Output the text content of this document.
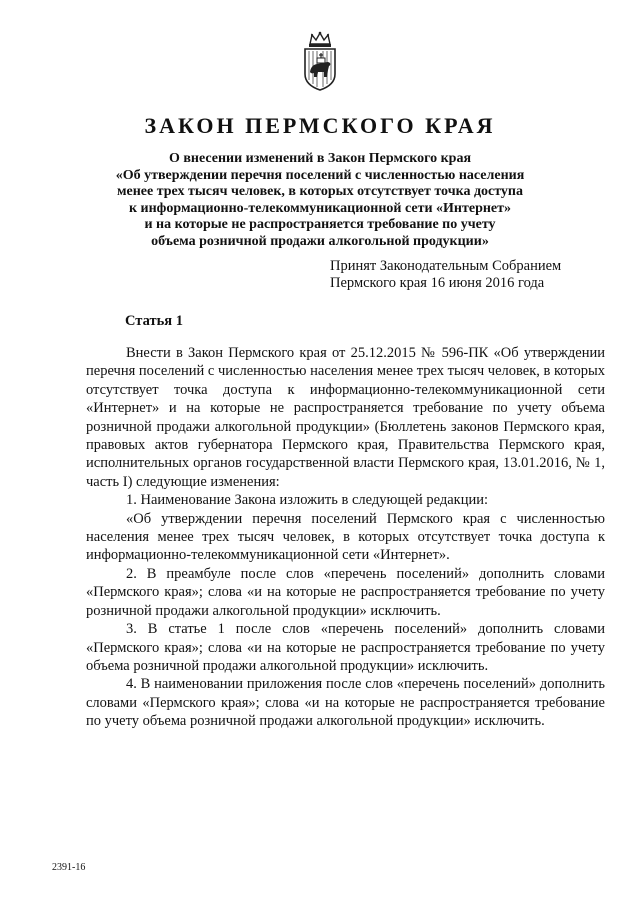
ЗАКОН ПЕРМСКОГО КРАЯ
О внесении изменений в Закон Пермского края
«Об утверждении перечня поселений с численностью населения
менее трех тысяч человек, в которых отсутствует точка доступа
к информационно-телекоммуникационной сети «Интернет»
и на которые не распространяется требование по учету
объема розничной продажи алкогольной продукции»
Принят Законодательным Собранием
Пермского края 16 июня 2016 года
Статья 1

Внести в Закон Пермского края от 25.12.2015 № 596-ПК «Об утверждении перечня поселений с численностью населения менее трех тысяч человек, в которых отсутствует точка доступа к информационно-телекоммуникационной сети «Интернет» и на которые не распространяется требование по учету объема розничной продажи алкогольной продукции» (Бюллетень законов Пермского края, правовых актов губернатора Пермского края, Правительства Пермского края, исполнительных органов государственной власти Пермского края, 13.01.2016, № 1, часть I) следующие изменения:

1. Наименование Закона изложить в следующей редакции:

«Об утверждении перечня поселений Пермского края с численностью населения менее трех тысяч человек, в которых отсутствует точка доступа к информационно-телекоммуникационной сети «Интернет».

2. В преамбуле после слов «перечень поселений» дополнить словами «Пермского края»; слова «и на которые не распространяется требование по учету розничной продажи алкогольной продукции» исключить.

3. В статье 1 после слов «перечень поселений» дополнить словами «Пермского края»; слова «и на которые не распространяется требование по учету объема розничной продажи алкогольной продукции» исключить.

4. В наименовании приложения после слов «перечень поселений» дополнить словами «Пермского края»; слова «и на которые не распространяется требование по учету объема розничной продажи алкогольной продукции» исключить.

2391-16
